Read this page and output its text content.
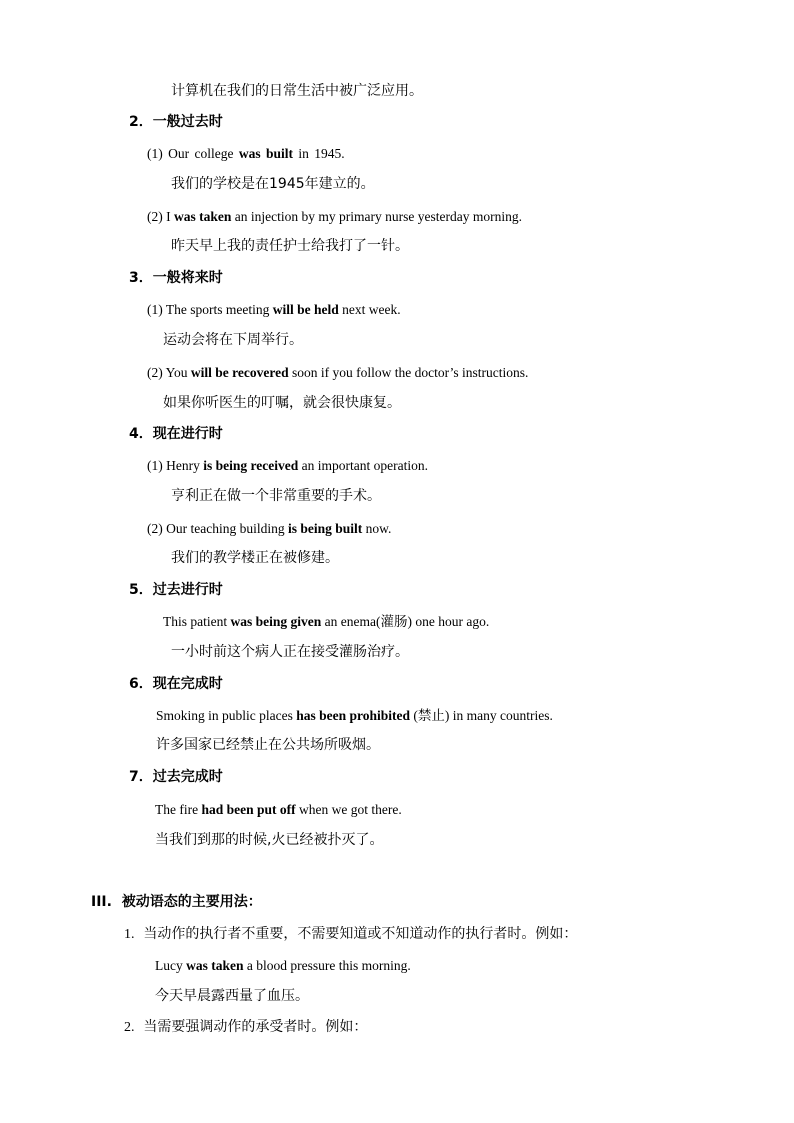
计算机在我们的日常生活中被广泛应用。
2．一般过去时
(1) Our college was built in 1945.
我们的学校是在1945年建立的。
(2) I was taken an injection by my primary nurse yesterday morning.
昨天早上我的责任护士给我打了一针。
3．一般将来时
(1) The sports meeting will be held next week.
运动会将在下周举行。
(2) You will be recovered soon if you follow the doctor’s instructions.
如果你听医生的叮嘱，就会很快康复。
4．现在进行时
(1) Henry is being received an important operation.
亨利正在做一个非常重要的手术。
(2) Our teaching building is being built now.
我们的教学楼正在被修建。
5．过去进行时
This patient was being given an enema(灌肠) one hour ago.
一小时前这个病人正在接受灌肠治疗。
6．现在完成时
Smoking in public places has been prohibited (禁止) in many countries.
许多国家已经禁止在公共场所吸烟。
7．过去完成时
The fire had been put off when we got there.
当我们到那的时候,火已经被扑灭了。
III. 被动语态的主要用法：
1. 当动作的执行者不重要，不需要知道或不知道动作的执行者时。例如：
Lucy was taken a blood pressure this morning.
今天早晨露西量了血压。
2. 当需要强调动作的承受者时。例如：
